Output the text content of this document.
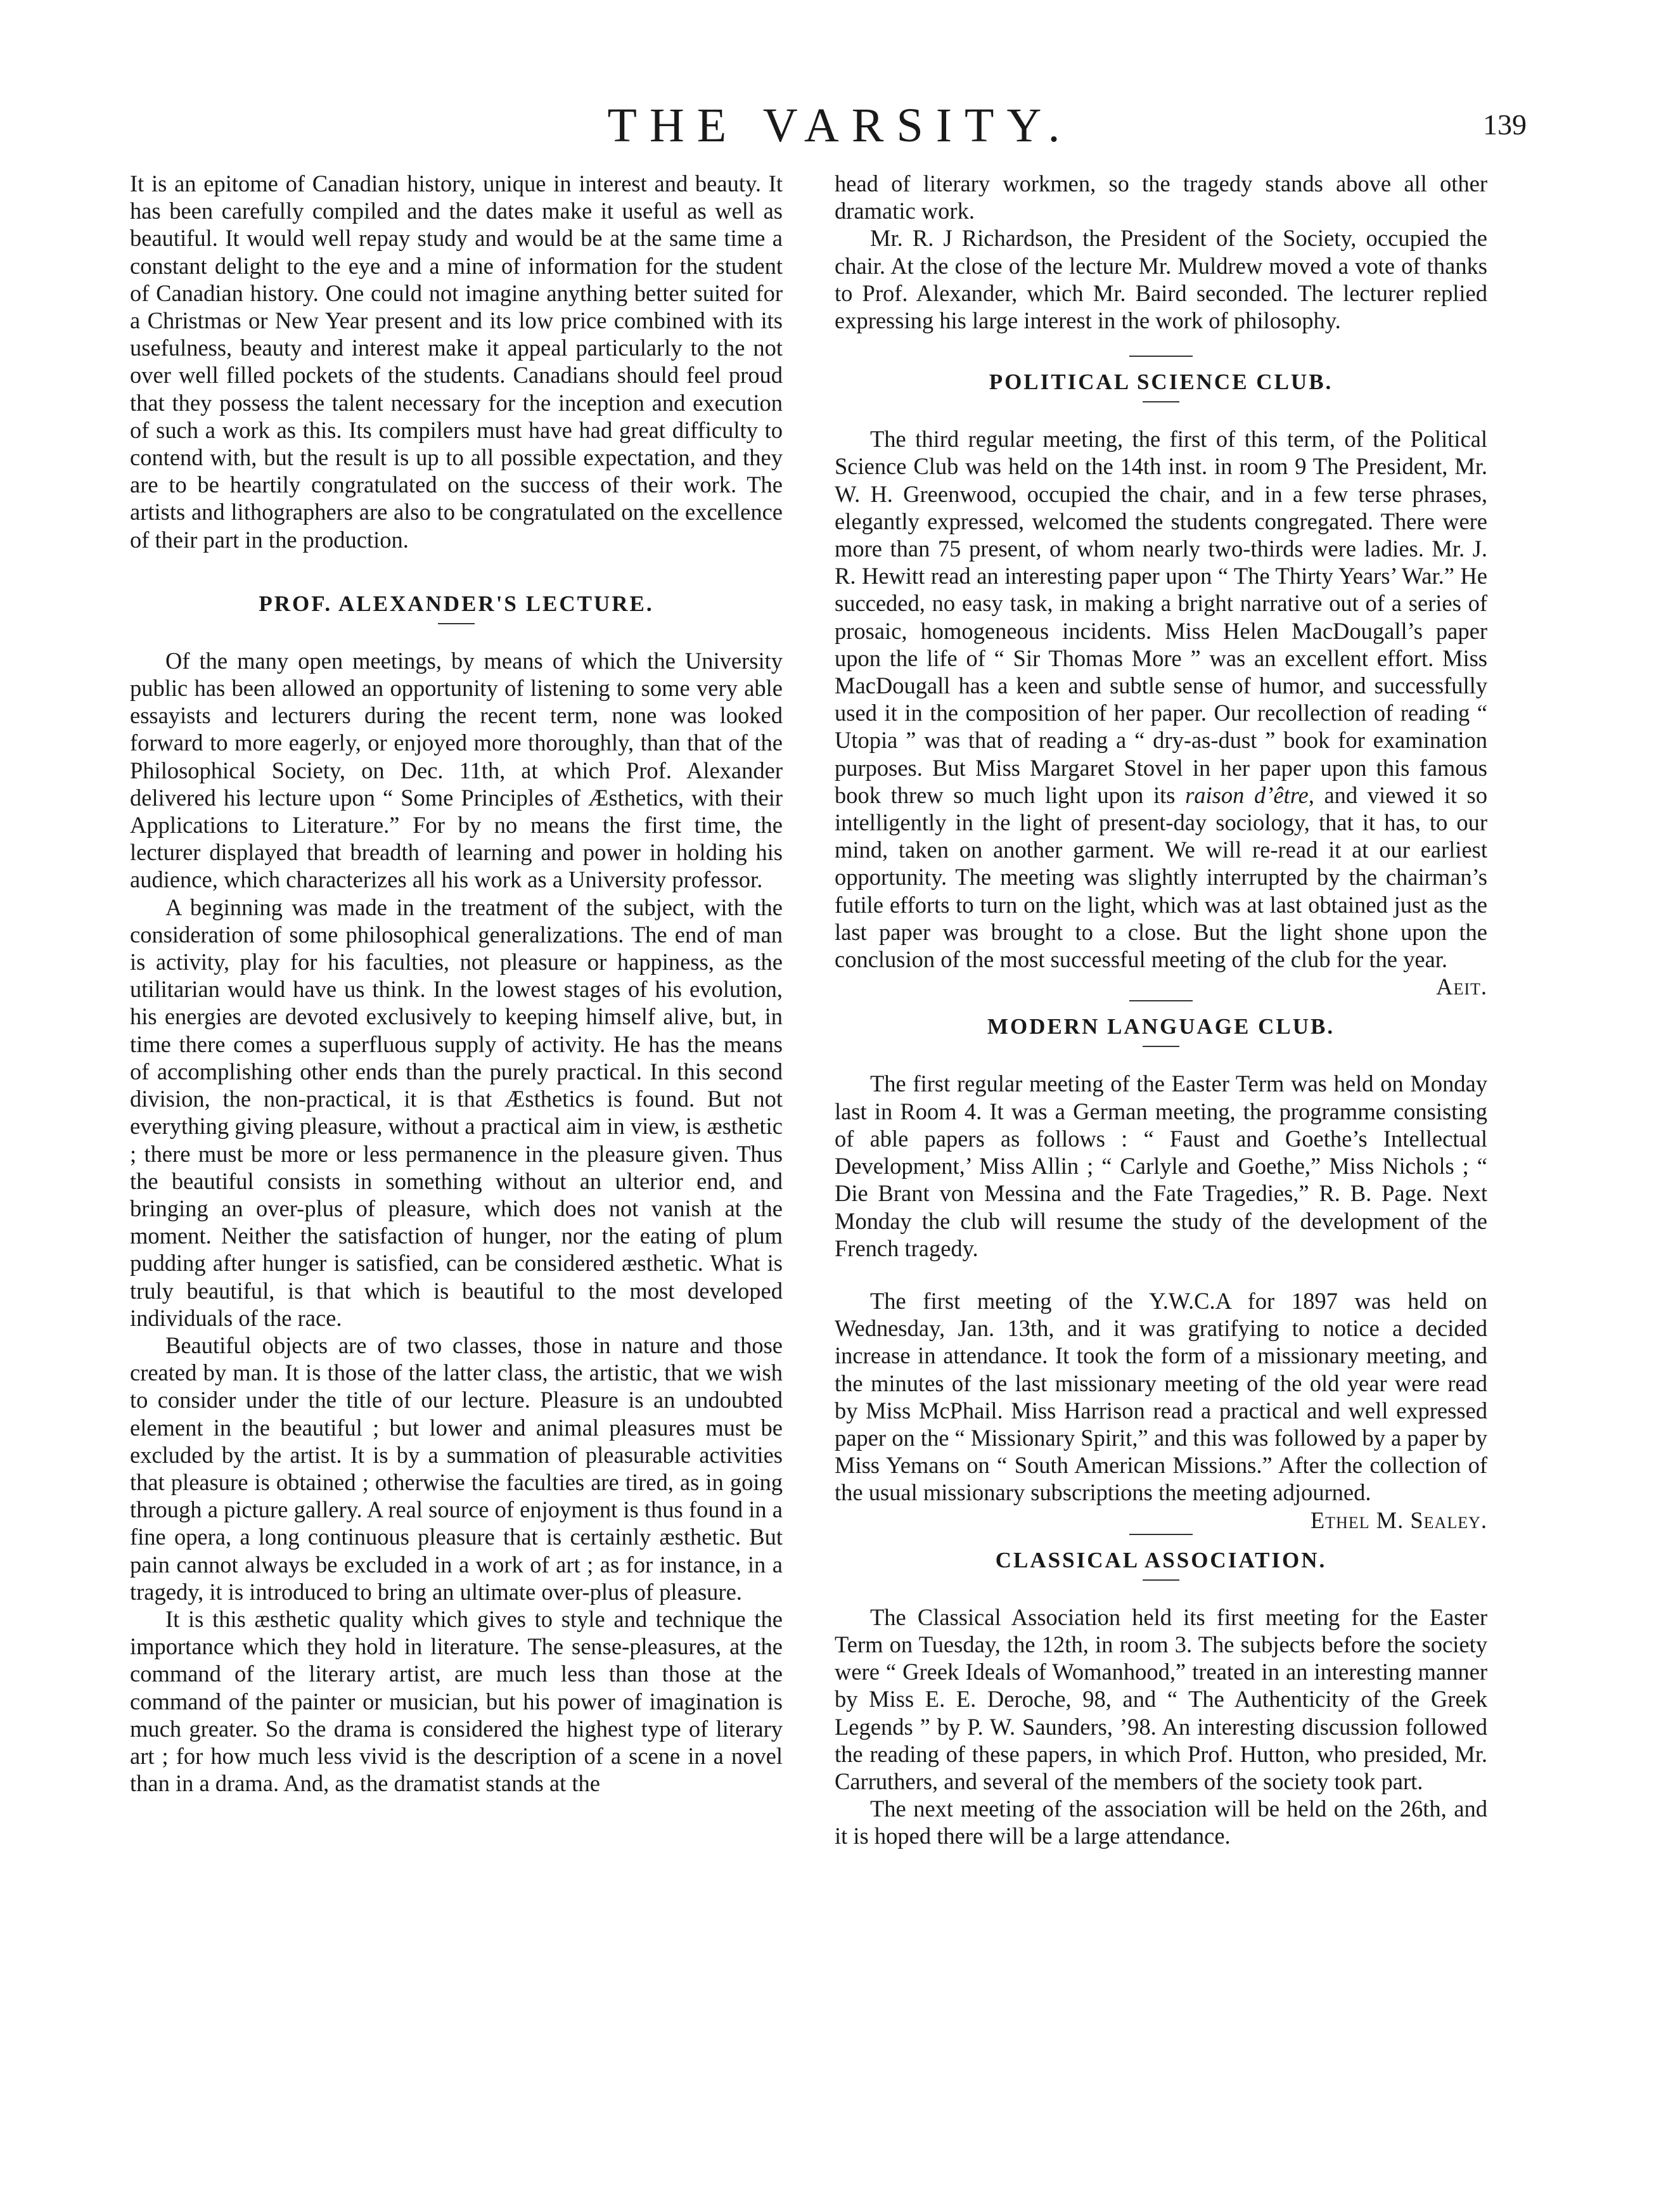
THE VARSITY.	139

It is an epitome of Canadian history, unique in interest and beauty. It has been carefully compiled and the dates make it useful as well as beautiful. It would well repay study and would be at the same time a constant delight to the eye and a mine of information for the student of Canadian history. One could not imagine anything better suited for a Christmas or New Year present and its low price combined with its usefulness, beauty and interest make it appeal particularly to the not over well filled pockets of the students. Canadians should feel proud that they possess the talent necessary for the inception and execution of such a work as this. Its compilers must have had great difficulty to contend with, but the result is up to all possible expectation, and they are to be heartily congratulated on the success of their work. The artists and lithographers are also to be congratulated on the excellence of their part in the production.

PROF. ALEXANDER'S LECTURE.

Of the many open meetings, by means of which the University public has been allowed an opportunity of listening to some very able essayists and lecturers during the recent term, none was looked forward to more eagerly, or enjoyed more thoroughly, than that of the Philosophical Society, on Dec. 11th, at which Prof. Alexander delivered his lecture upon “ Some Principles of Æsthetics, with their Applications to Literature.” For by no means the first time, the lecturer displayed that breadth of learning and power in holding his audience, which characterizes all his work as a University professor.

A beginning was made in the treatment of the subject, with the consideration of some philosophical generalizations. The end of man is activity, play for his faculties, not pleasure or happiness, as the utilitarian would have us think. In the lowest stages of his evolution, his energies are devoted exclusively to keeping himself alive, but, in time there comes a superfluous supply of activity. He has the means of accomplishing other ends than the purely practical. In this second division, the non-practical, it is that Æsthetics is found. But not everything giving pleasure, without a practical aim in view, is æsthetic ; there must be more or less permanence in the pleasure given. Thus the beautiful consists in something without an ulterior end, and bringing an over-plus of pleasure, which does not vanish at the moment. Neither the satisfaction of hunger, nor the eating of plum pudding after hunger is satisfied, can be considered æsthetic. What is truly beautiful, is that which is beautiful to the most developed individuals of the race.

Beautiful objects are of two classes, those in nature and those created by man. It is those of the latter class, the artistic, that we wish to consider under the title of our lecture. Pleasure is an undoubted element in the beautiful ; but lower and animal pleasures must be excluded by the artist. It is by a summation of pleasurable activities that pleasure is obtained ; otherwise the faculties are tired, as in going through a picture gallery. A real source of enjoyment is thus found in a fine opera, a long continuous pleasure that is certainly æsthetic. But pain cannot always be excluded in a work of art ; as for instance, in a tragedy, it is introduced to bring an ultimate over-plus of pleasure.

It is this æsthetic quality which gives to style and technique the importance which they hold in literature. The sense-pleasures, at the command of the literary artist, are much less than those at the command of the painter or musician, but his power of imagination is much greater. So the drama is considered the highest type of literary art ; for how much less vivid is the description of a scene in a novel than in a drama. And, as the dramatist stands at the

head of literary workmen, so the tragedy stands above all other dramatic work.

Mr. R. J Richardson, the President of the Society, occupied the chair. At the close of the lecture Mr. Muldrew moved a vote of thanks to Prof. Alexander, which Mr. Baird seconded. The lecturer replied expressing his large interest in the work of philosophy.

POLITICAL SCIENCE CLUB.

The third regular meeting, the first of this term, of the Political Science Club was held on the 14th inst. in room 9 The President, Mr. W. H. Greenwood, occupied the chair, and in a few terse phrases, elegantly expressed, welcomed the students congregated. There were more than 75 present, of whom nearly two-thirds were ladies. Mr. J. R. Hewitt read an interesting paper upon “ The Thirty Years’ War.” He succeded, no easy task, in making a bright narrative out of a series of prosaic, homogeneous incidents. Miss Helen MacDougall’s paper upon the life of “ Sir Thomas More ” was an excellent effort. Miss MacDougall has a keen and subtle sense of humor, and successfully used it in the composition of her paper. Our recollection of reading “ Utopia ” was that of reading a “ dry-as-dust ” book for examination purposes. But Miss Margaret Stovel in her paper upon this famous book threw so much light upon its raison d’être, and viewed it so intelligently in the light of present-day sociology, that it has, to our mind, taken on another garment. We will re-read it at our earliest opportunity. The meeting was slightly interrupted by the chairman’s futile efforts to turn on the light, which was at last obtained just as the last paper was brought to a close. But the light shone upon the conclusion of the most successful meeting of the club for the year.
Aeit.

MODERN LANGUAGE CLUB.

The first regular meeting of the Easter Term was held on Monday last in Room 4. It was a German meeting, the programme consisting of able papers as follows : “ Faust and Goethe’s Intellectual Development,’ Miss Allin ; “ Carlyle and Goethe,” Miss Nichols ; “ Die Brant von Messina and the Fate Tragedies,” R. B. Page. Next Monday the club will resume the study of the development of the French tragedy.

The first meeting of the Y.W.C.A for 1897 was held on Wednesday, Jan. 13th, and it was gratifying to notice a decided increase in attendance. It took the form of a missionary meeting, and the minutes of the last missionary meeting of the old year were read by Miss McPhail. Miss Harrison read a practical and well expressed paper on the “ Missionary Spirit,” and this was followed by a paper by Miss Yemans on “ South American Missions.” After the collection of the usual missionary subscriptions the meeting adjourned.
Ethel M. Sealey.

CLASSICAL ASSOCIATION.

The Classical Association held its first meeting for the Easter Term on Tuesday, the 12th, in room 3. The subjects before the society were “ Greek Ideals of Womanhood,” treated in an interesting manner by Miss E. E. Deroche, 98, and “ The Authenticity of the Greek Legends ” by P. W. Saunders, ’98. An interesting discussion followed the reading of these papers, in which Prof. Hutton, who presided, Mr. Carruthers, and several of the members of the society took part.

The next meeting of the association will be held on the 26th, and it is hoped there will be a large attendance.
